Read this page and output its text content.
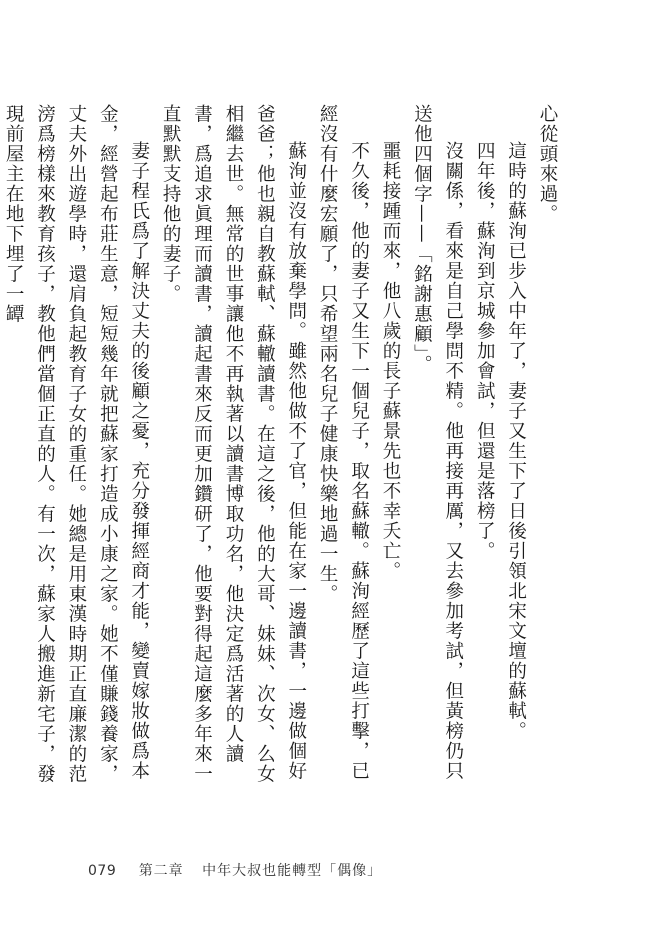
心從頭來過。

這時的蘇洵已步入中年了，妻子又生下了日後引領北宋文壇的蘇軾。

四年後，蘇洵到京城參加會試，但還是落榜了。

沒關係，看來是自己學問不精。他再接再厲，又去參加考試，但黃榜仍只送他四個字——「銘謝惠顧」。

噩耗接踵而來，他八歲的長子蘇景先也不幸夭亡。

不久後，他的妻子又生下一個兒子，取名蘇轍。蘇洵經歷了這些打擊，已經沒有什麼宏願了，只希望兩名兒子健康快樂地過一生。

蘇洵並沒有放棄學問。雖然他做不了官，但能在家一邊讀書，一邊做個好爸爸；他也親自教蘇軾、蘇轍讀書。在這之後，他的大哥、妹妹、次女、么女相繼去世。無常的世事讓他不再執著以讀書博取功名，他決定爲活著的人讀書，爲追求眞理而讀書，讀起書來反而更加鑽研了，他要對得起這麼多年來一直默默支持他的妻子。

妻子程氏爲了解決丈夫的後顧之憂，充分發揮經商才能，變賣嫁妝做爲本金，經營起布莊生意，短短幾年就把蘇家打造成小康之家。她不僅賺錢養家，丈夫外出遊學時，還肩負起教育子女的重任。她總是用東漢時期正直廉潔的范滂爲榜樣來教育孩子，教他們當個正直的人。有一次，蘇家人搬進新宅子，發現前屋主在地下埋了一罈

079 第二章 中年大叔也能轉型「偶像」
